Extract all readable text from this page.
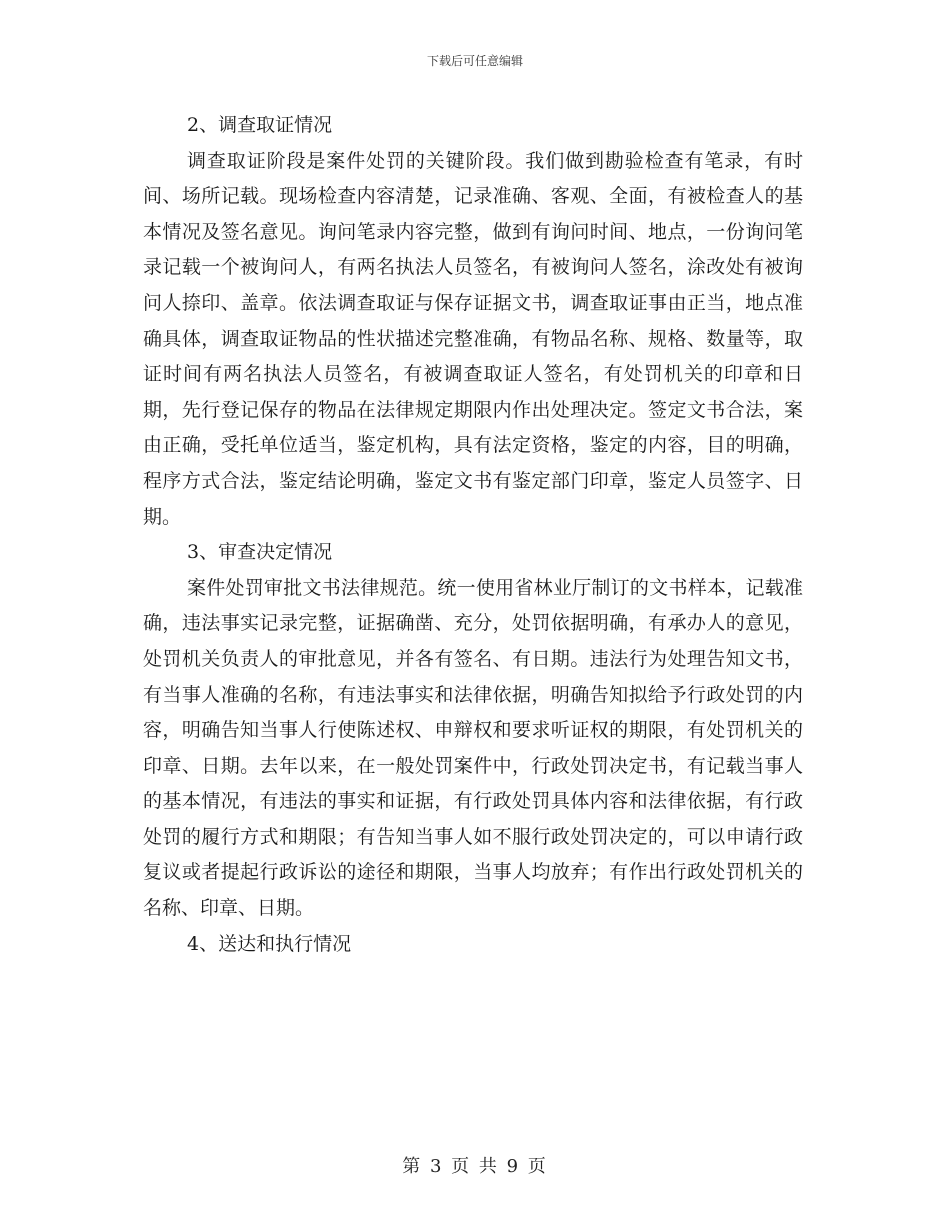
下载后可任意编辑
2、调查取证情况

调查取证阶段是案件处罚的关键阶段。我们做到勘验检查有笔录，有时间、场所记载。现场检查内容清楚，记录准确、客观、全面，有被检查人的基本情况及签名意见。询问笔录内容完整，做到有询问时间、地点，一份询问笔录记载一个被询问人，有两名执法人员签名，有被询问人签名，涂改处有被询问人捺印、盖章。依法调查取证与保存证据文书，调查取证事由正当，地点准确具体，调查取证物品的性状描述完整准确，有物品名称、规格、数量等，取证时间有两名执法人员签名，有被调查取证人签名，有处罚机关的印章和日期，先行登记保存的物品在法律规定期限内作出处理决定。签定文书合法，案由正确，受托单位适当，鉴定机构，具有法定资格，鉴定的内容，目的明确，程序方式合法，鉴定结论明确，鉴定文书有鉴定部门印章，鉴定人员签字、日期。

3、审查决定情况

案件处罚审批文书法律规范。统一使用省林业厅制订的文书样本，记载准确，违法事实记录完整，证据确凿、充分，处罚依据明确，有承办人的意见，处罚机关负责人的审批意见，并各有签名、有日期。违法行为处理告知文书，有当事人准确的名称，有违法事实和法律依据，明确告知拟给予行政处罚的内容，明确告知当事人行使陈述权、申辩权和要求听证权的期限，有处罚机关的印章、日期。去年以来，在一般处罚案件中，行政处罚决定书，有记载当事人的基本情况，有违法的事实和证据，有行政处罚具体内容和法律依据，有行政处罚的履行方式和期限；有告知当事人如不服行政处罚决定的，可以申请行政复议或者提起行政诉讼的途径和期限，当事人均放弃；有作出行政处罚机关的名称、印章、日期。

4、送达和执行情况
第 3 页 共 9 页
